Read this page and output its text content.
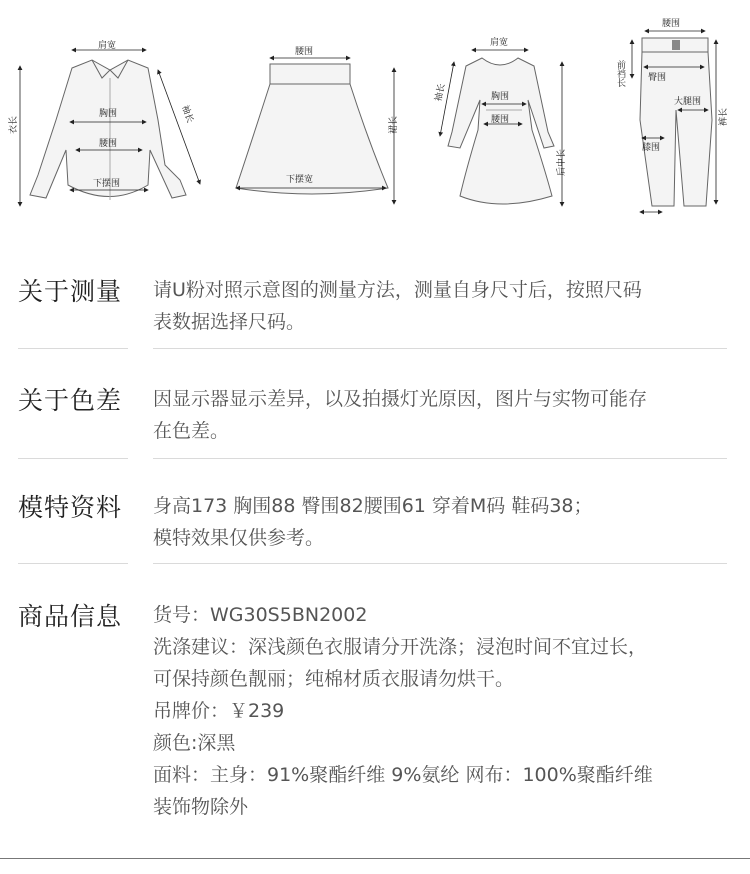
肩宽
衣长
袖长
胸围
腰围
下摆围
腰围
裙长
下摆宽
肩宽
袖长	胸围
腰围
后中长
腰围
前裆长	臀围
大腿围
裤长
膝围
关于测量 请U粉对照示意图的测量方法，测量自身尺寸后，按照尺码

表数据选择尺码。

关于色差 因显示器显示差异，以及拍摄灯光原因，图片与实物可能存

在色差。

模特资料 身高173 胸围88 臀围82腰围61 穿着M码 鞋码38；

模特效果仅供参考。

商品信息 货号：WG30S5BN2002

洗涤建议：深浅颜色衣服请分开洗涤；浸泡时间不宜过长，

可保持颜色靓丽；纯棉材质衣服请勿烘干。

吊牌价：￥239

颜色:深黑

面料：主身：91%聚酯纤维 9%氨纶 网布：100%聚酯纤维

装饰物除外
